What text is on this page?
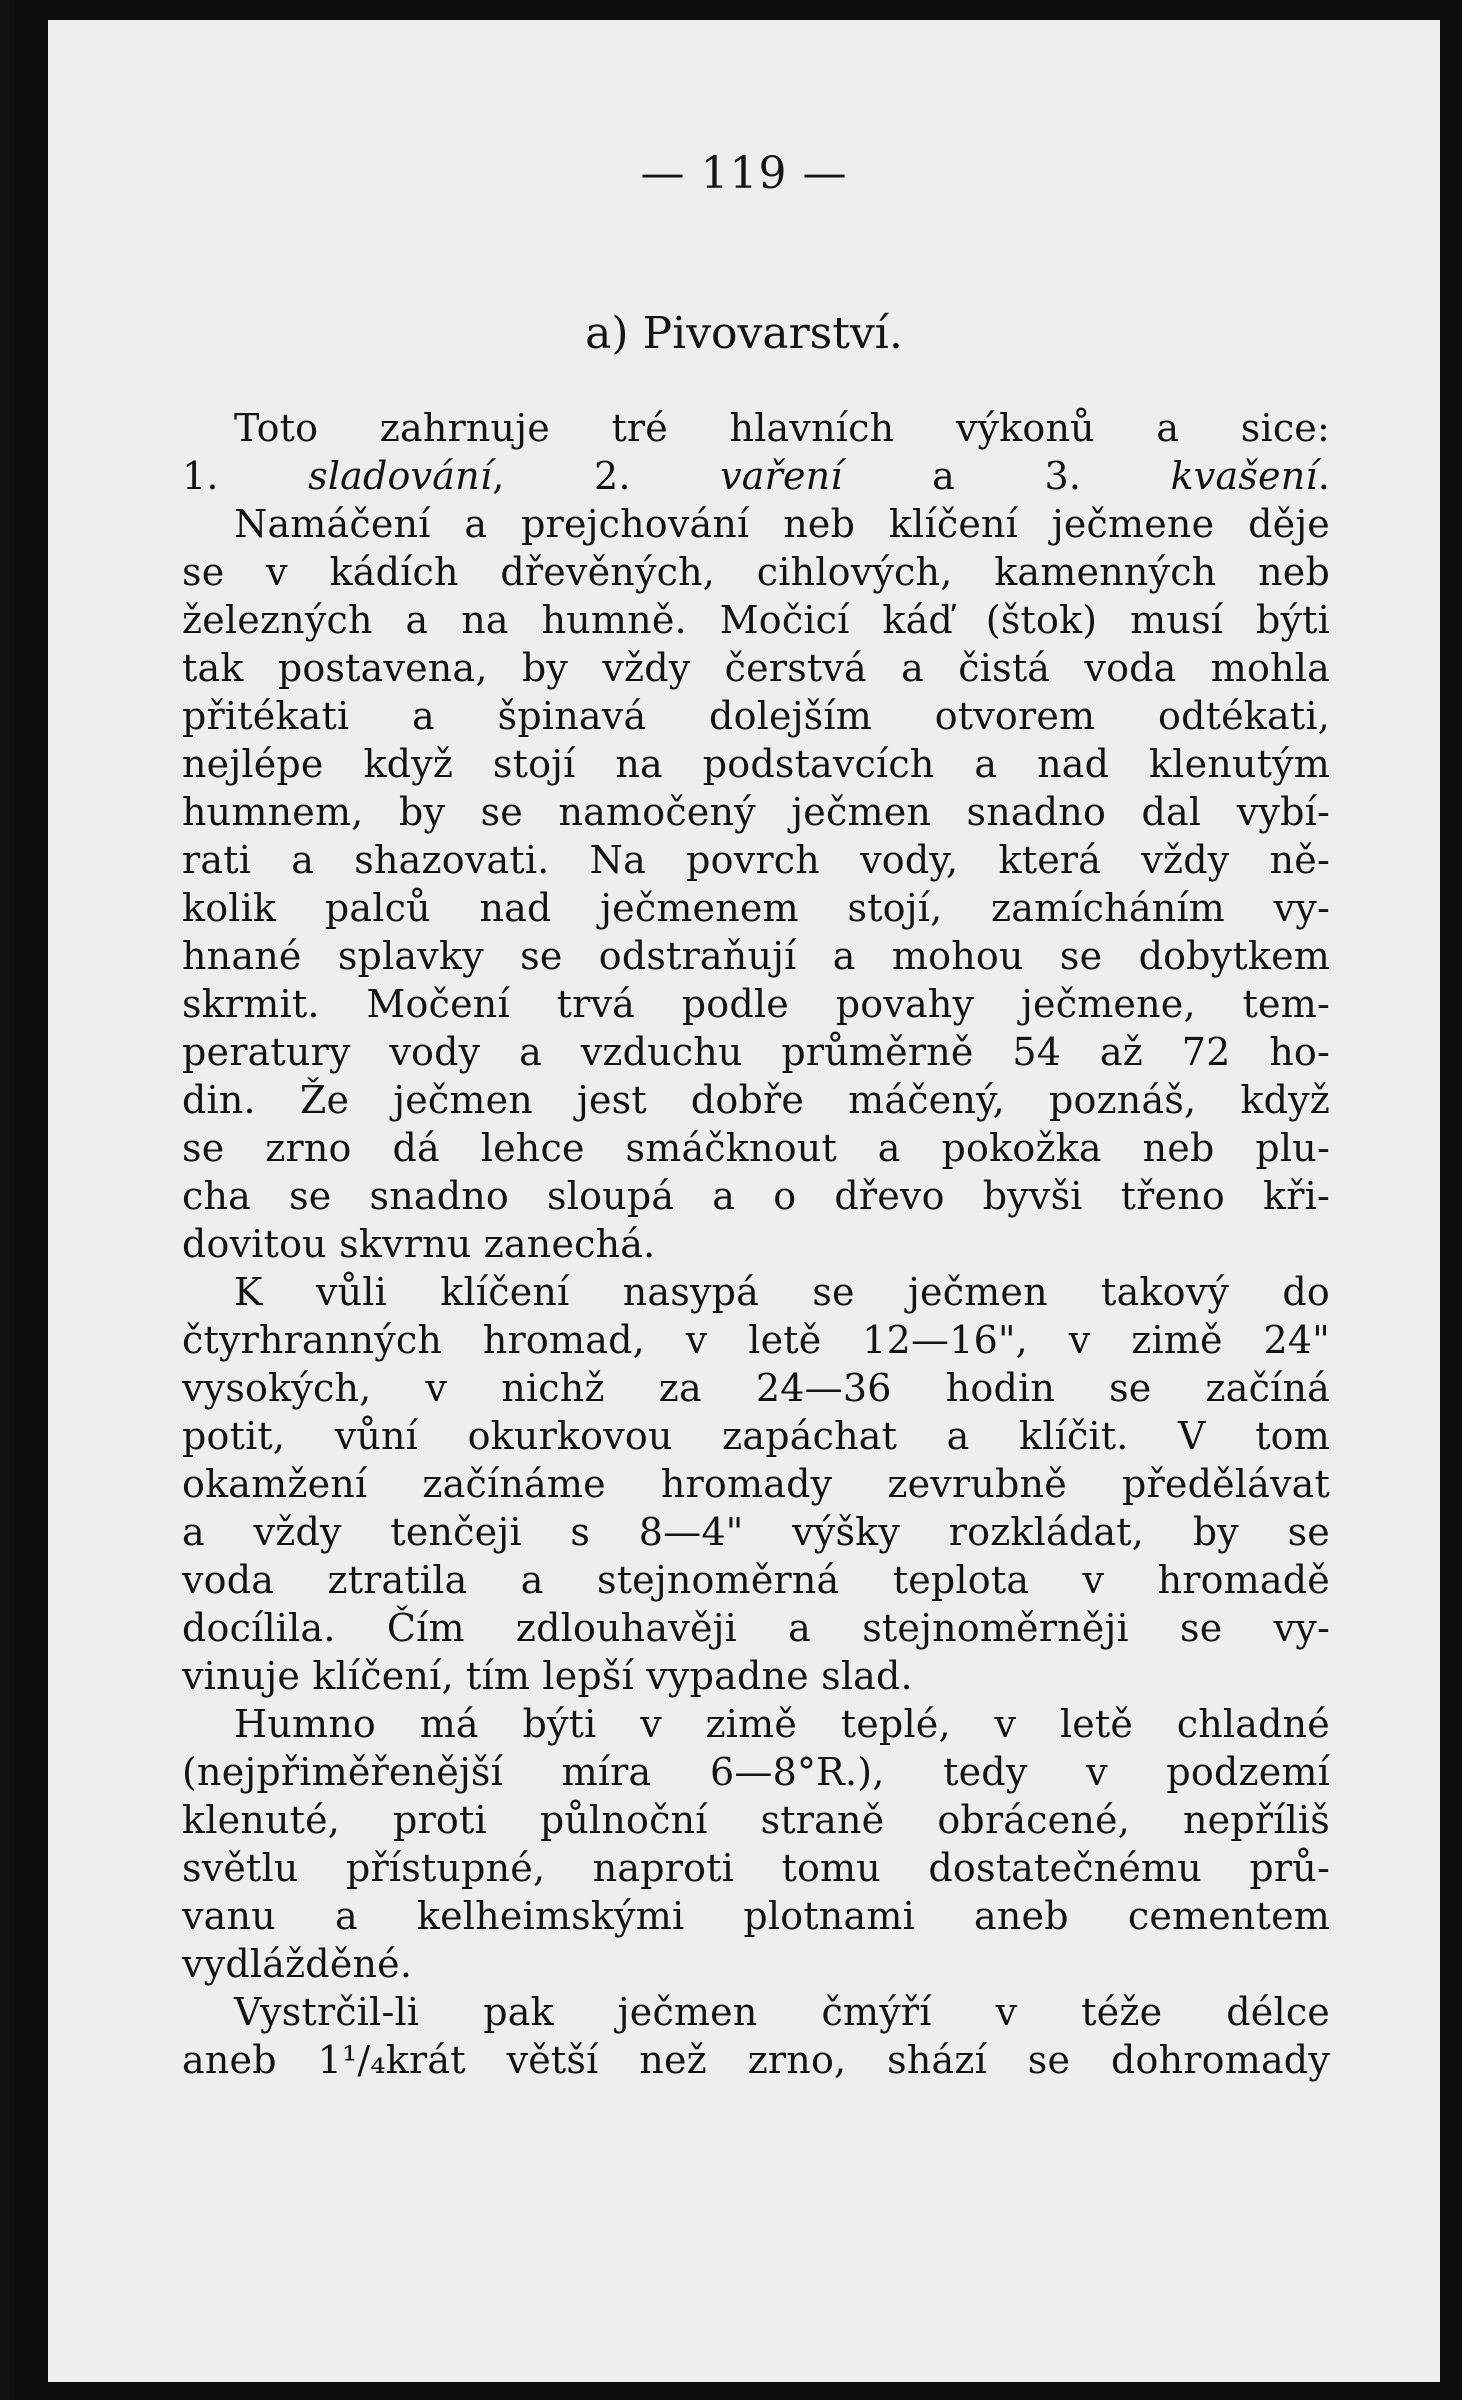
— 119 —
a) Pivovarství.
Toto zahrnuje tré hlavních výkonů a sice:
1. sladování, 2. vaření a 3. kvašení.
Namáčení a prejchování neb klíčení ječmene děje
se v kádích dřevěných, cihlových, kamenných neb
železných a na humně. Močicí káď (štok) musí býti
tak postavena, by vždy čerstvá a čistá voda mohla
přitékati a špinavá dolejším otvorem odtékati,
nejlépe když stojí na podstavcích a nad klenutým
humnem, by se namočený ječmen snadno dal vybí-
rati a shazovati. Na povrch vody, která vždy ně-
kolik palců nad ječmenem stojí, zamícháním vy-
hnané splavky se odstraňují a mohou se dobytkem
skrmit. Močení trvá podle povahy ječmene, tem-
peratury vody a vzduchu průměrně 54 až 72 ho-
din. Že ječmen jest dobře máčený, poznáš, když
se zrno dá lehce smáčknout a pokožka neb plu-
cha se snadno sloupá a o dřevo byvši třeno kři-
dovitou skvrnu zanechá.
K vůli klíčení nasypá se ječmen takový do
čtyrhranných hromad, v letě 12—16", v zimě 24"
vysokých, v nichž za 24—36 hodin se začíná
potit, vůní okurkovou zapáchat a klíčit. V tom
okamžení začínáme hromady zevrubně předělávat
a vždy tenčeji s 8—4" výšky rozkládat, by se
voda ztratila a stejnoměrná teplota v hromadě
docílila. Čím zdlouhavěji a stejnoměrněji se vy-
vinuje klíčení, tím lepší vypadne slad.
Humno má býti v zimě teplé, v letě chladné
(nejpřiměřenější míra 6—8°R.), tedy v podzemí
klenuté, proti půlnoční straně obrácené, nepříliš
světlu přístupné, naproti tomu dostatečnému prů-
vanu a kelheimskými plotnami aneb cementem
vydlážděné.
Vystrčil-li pak ječmen čmýří v téže délce
aneb 1¹/₄krát větší než zrno, shází se dohromady
